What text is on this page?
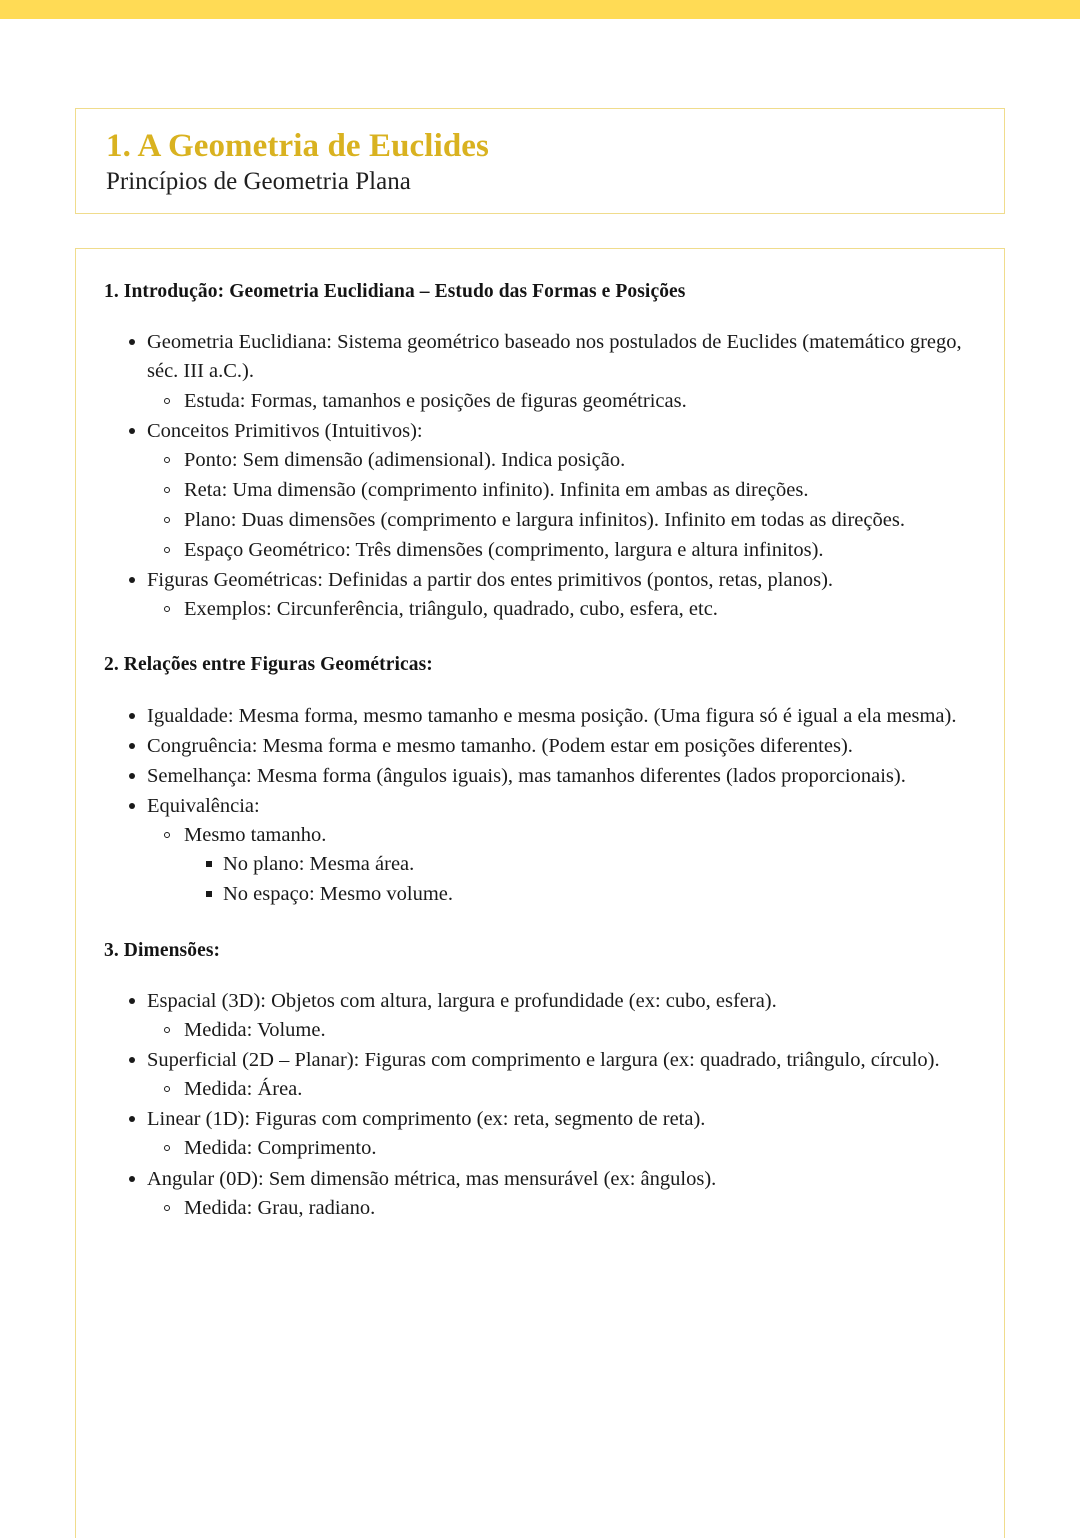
1. A Geometria de Euclides
Princípios de Geometria Plana
1. Introdução: Geometria Euclidiana – Estudo das Formas e Posições
Geometria Euclidiana: Sistema geométrico baseado nos postulados de Euclides (matemático grego, séc. III a.C.).
Estuda: Formas, tamanhos e posições de figuras geométricas.
Conceitos Primitivos (Intuitivos):
Ponto: Sem dimensão (adimensional). Indica posição.
Reta: Uma dimensão (comprimento infinito). Infinita em ambas as direções.
Plano: Duas dimensões (comprimento e largura infinitos). Infinito em todas as direções.
Espaço Geométrico: Três dimensões (comprimento, largura e altura infinitos).
Figuras Geométricas: Definidas a partir dos entes primitivos (pontos, retas, planos).
Exemplos: Circunferência, triângulo, quadrado, cubo, esfera, etc.
2. Relações entre Figuras Geométricas:
Igualdade: Mesma forma, mesmo tamanho e mesma posição. (Uma figura só é igual a ela mesma).
Congruência: Mesma forma e mesmo tamanho. (Podem estar em posições diferentes).
Semelhança: Mesma forma (ângulos iguais), mas tamanhos diferentes (lados proporcionais).
Equivalência:
Mesmo tamanho.
No plano: Mesma área.
No espaço: Mesmo volume.
3. Dimensões:
Espacial (3D): Objetos com altura, largura e profundidade (ex: cubo, esfera).
Medida: Volume.
Superficial (2D – Planar): Figuras com comprimento e largura (ex: quadrado, triângulo, círculo).
Medida: Área.
Linear (1D): Figuras com comprimento (ex: reta, segmento de reta).
Medida: Comprimento.
Angular (0D): Sem dimensão métrica, mas mensurável (ex: ângulos).
Medida: Grau, radiano.
